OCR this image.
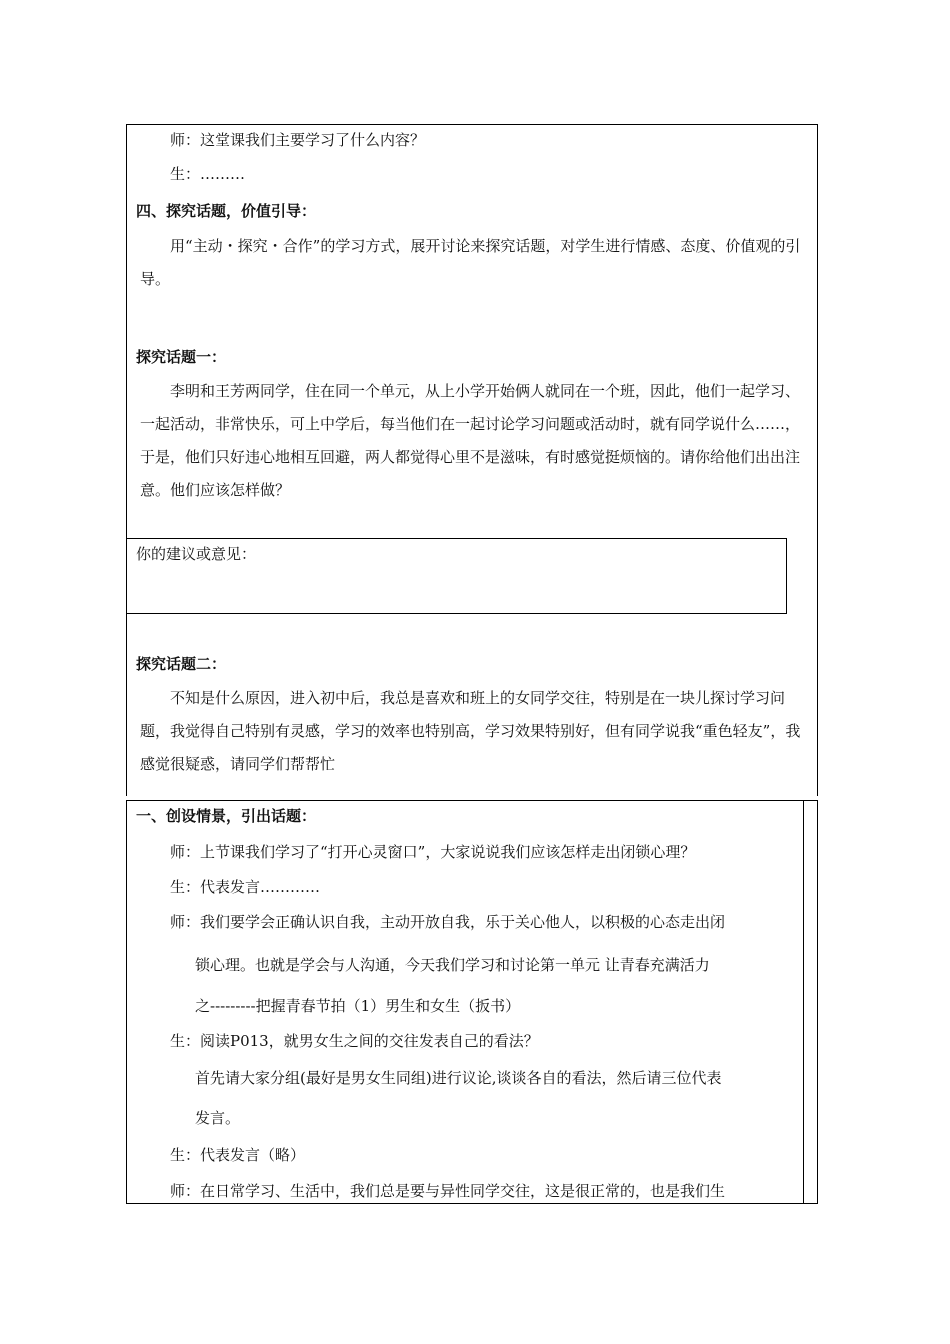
师：这堂课我们主要学习了什么内容？
生：………
四、探究话题，价值引导：
用“主动・探究・合作”的学习方式，展开讨论来探究话题，对学生进行情感、态度、价值观的引导。
探究话题一：
李明和王芳两同学，住在同一个单元，从上小学开始俩人就同在一个班，因此，他们一起学习、一起活动，非常快乐，可上中学后，每当他们在一起讨论学习问题或活动时，就有同学说什么……，于是，他们只好违心地相互回避，两人都觉得心里不是滋味，有时感觉挺烦恼的。请你给他们出出注意。他们应该怎样做？
你的建议或意见：
探究话题二：
不知是什么原因，进入初中后，我总是喜欢和班上的女同学交往，特别是在一块儿探讨学习问题，我觉得自己特别有灵感，学习的效率也特别高，学习效果特别好，但有同学说我“重色轻友”，我感觉很疑惑，请同学们帮帮忙
一、创设情景，引出话题：
师：上节课我们学习了“打开心灵窗口”，大家说说我们应该怎样走出闭锁心理？
生：代表发言…………
师：我们要学会正确认识自我，主动开放自我，乐于关心他人，以积极的心态走出闭
锁心理。也就是学会与人沟通，今天我们学习和讨论第一单元 让青春充满活力
之---------把握青春节拍（1）男生和女生（扳书）
生：阅读P013，就男女生之间的交往发表自己的看法？
首先请大家分组(最好是男女生同组)进行议论,谈谈各自的看法，然后请三位代表
发言。
生：代表发言（略）
师：在日常学习、生活中，我们总是要与异性同学交往，这是很正常的，也是我们生
